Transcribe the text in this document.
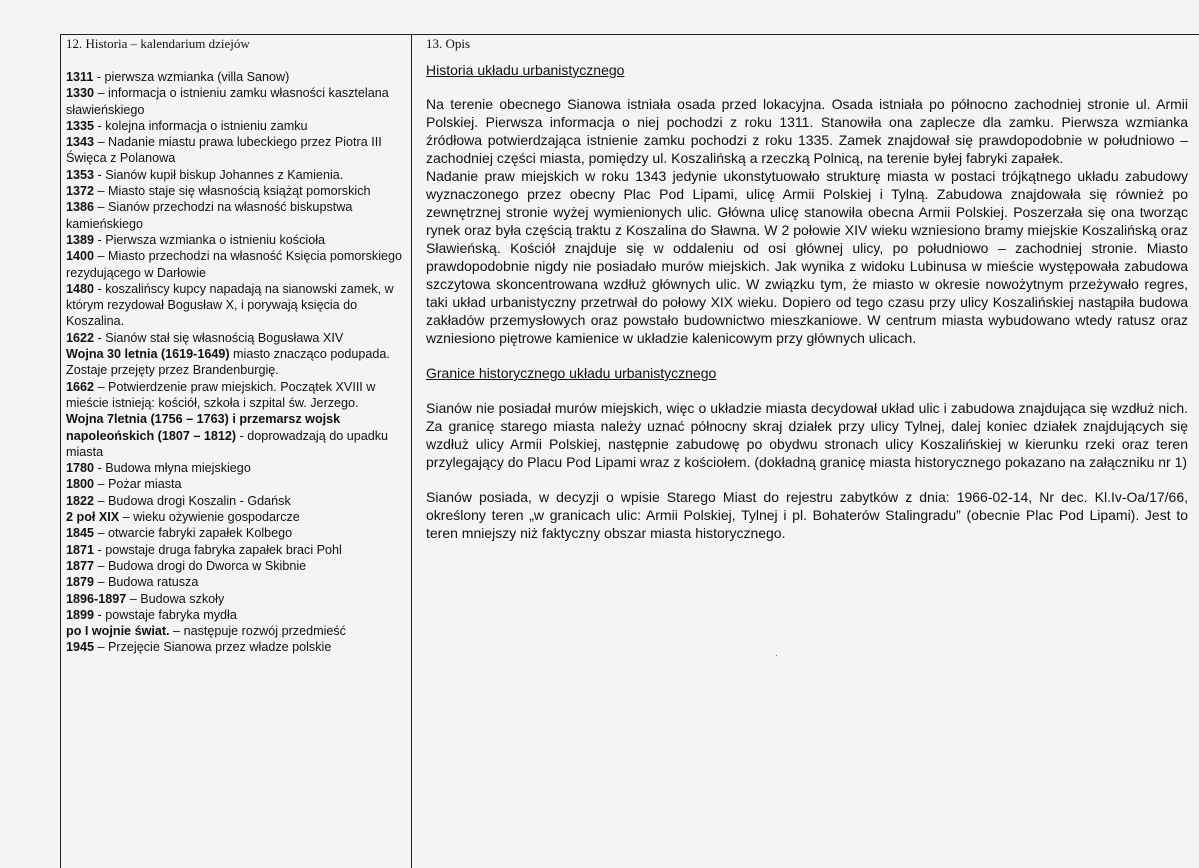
12. Historia – kalendarium dziejów

1311 - pierwsza wzmianka (villa Sanow)

1330 – informacja o istnieniu zamku własności kasztelana sławieńskiego

1335 - kolejna informacja o istnieniu zamku

1343 – Nadanie miastu prawa lubeckiego przez Piotra III Święca z Polanowa

1353 - Sianów kupił biskup Johannes z Kamienia.

1372 – Miasto staje się własnością książąt pomorskich

1386 – Sianów przechodzi na własność biskupstwa kamieńskiego

1389 - Pierwsza wzmianka o istnieniu kościoła

1400 – Miasto przechodzi na własność Księcia pomorskiego rezydującego w Darłowie

1480 - koszalińscy kupcy napadają na sianowski zamek, w którym rezydował Bogusław X, i porywają księcia do Koszalina.

1622 - Sianów stał się własnością Bogusława XIV

Wojna 30 letnia (1619-1649) miasto znacząco podupada. Zostaje przejęty przez Brandenburgię.

1662 – Potwierdzenie praw miejskich. Początek XVIII w mieście istnieją: kościół, szkoła i szpital św. Jerzego.

Wojna 7letnia (1756 – 1763) i przemarsz wojsk napoleońskich (1807 – 1812) - doprowadzają do upadku miasta

1780 - Budowa młyna miejskiego

1800 – Pożar miasta

1822 – Budowa drogi Koszalin - Gdańsk

2 poł XIX – wieku ożywienie gospodarcze

1845 – otwarcie fabryki zapałek Kolbego

1871 - powstaje druga fabryka zapałek braci Pohl

1877 – Budowa drogi do Dworca w Skibnie

1879 – Budowa ratusza

1896-1897 – Budowa szkoły

1899 - powstaje fabryka mydła

po I wojnie świat. – następuje rozwój przedmieść

1945 – Przejęcie Sianowa przez władze polskie

13. Opis

Historia układu urbanistycznego

Na terenie obecnego Sianowa istniała osada przed lokacyjna. Osada istniała po północno zachodniej stronie ul. Armii Polskiej. Pierwsza informacja o niej pochodzi z roku 1311. Stanowiła ona zaplecze dla zamku. Pierwsza wzmianka źródłowa potwierdzająca istnienie zamku pochodzi z roku 1335. Zamek znajdował się prawdopodobnie w południowo – zachodniej części miasta, pomiędzy ul. Koszalińską a rzeczką Polnicą, na terenie byłej fabryki zapałek.

Nadanie praw miejskich w roku 1343 jedynie ukonstytuowało strukturę miasta w postaci trójkątnego układu zabudowy wyznaczonego przez obecny Plac Pod Lipami, ulicę Armii Polskiej i Tylną. Zabudowa znajdowała się również po zewnętrznej stronie wyżej wymienionych ulic. Główna ulicę stanowiła obecna Armii Polskiej. Poszerzała się ona tworząc rynek oraz była częścią traktu z Koszalina do Sławna. W 2 połowie XIV wieku wzniesiono bramy miejskie Koszalińską oraz Sławieńską. Kościół znajduje się w oddaleniu od osi głównej ulicy, po południowo – zachodniej stronie. Miasto prawdopodobnie nigdy nie posiadało murów miejskich. Jak wynika z widoku Lubinusa w mieście występowała zabudowa szczytowa skoncentrowana wzdłuż głównych ulic. W związku tym, że miasto w okresie nowożytnym przeżywało regres, taki układ urbanistyczny przetrwał do połowy XIX wieku. Dopiero od tego czasu przy ulicy Koszalińskiej nastąpiła budowa zakładów przemysłowych oraz powstało budownictwo mieszkaniowe. W centrum miasta wybudowano wtedy ratusz oraz wzniesiono piętrowe kamienice w układzie kalenicowym przy głównych ulicach.

Granice historycznego układu urbanistycznego

Sianów nie posiadał murów miejskich, więc o układzie miasta decydował układ ulic i zabudowa znajdująca się wzdłuż nich. Za granicę starego miasta należy uznać północny skraj działek przy ulicy Tylnej, dalej koniec działek znajdujących się wzdłuż ulicy Armii Polskiej, następnie zabudowę po obydwu stronach ulicy Koszalińskiej w kierunku rzeki oraz teren przylegający do Placu Pod Lipami wraz z kościołem. (dokładną granicę miasta historycznego pokazano na załączniku nr 1)

Sianów posiada, w decyzji o wpisie Starego Miast do rejestru zabytków z dnia: 1966-02-14, Nr dec. Kl.Iv-Oa/17/66, określony teren „w granicach ulic: Armii Polskiej, Tylnej i pl. Bohaterów Stalingradu” (obecnie Plac Pod Lipami). Jest to teren mniejszy niż faktyczny obszar miasta historycznego.

·
